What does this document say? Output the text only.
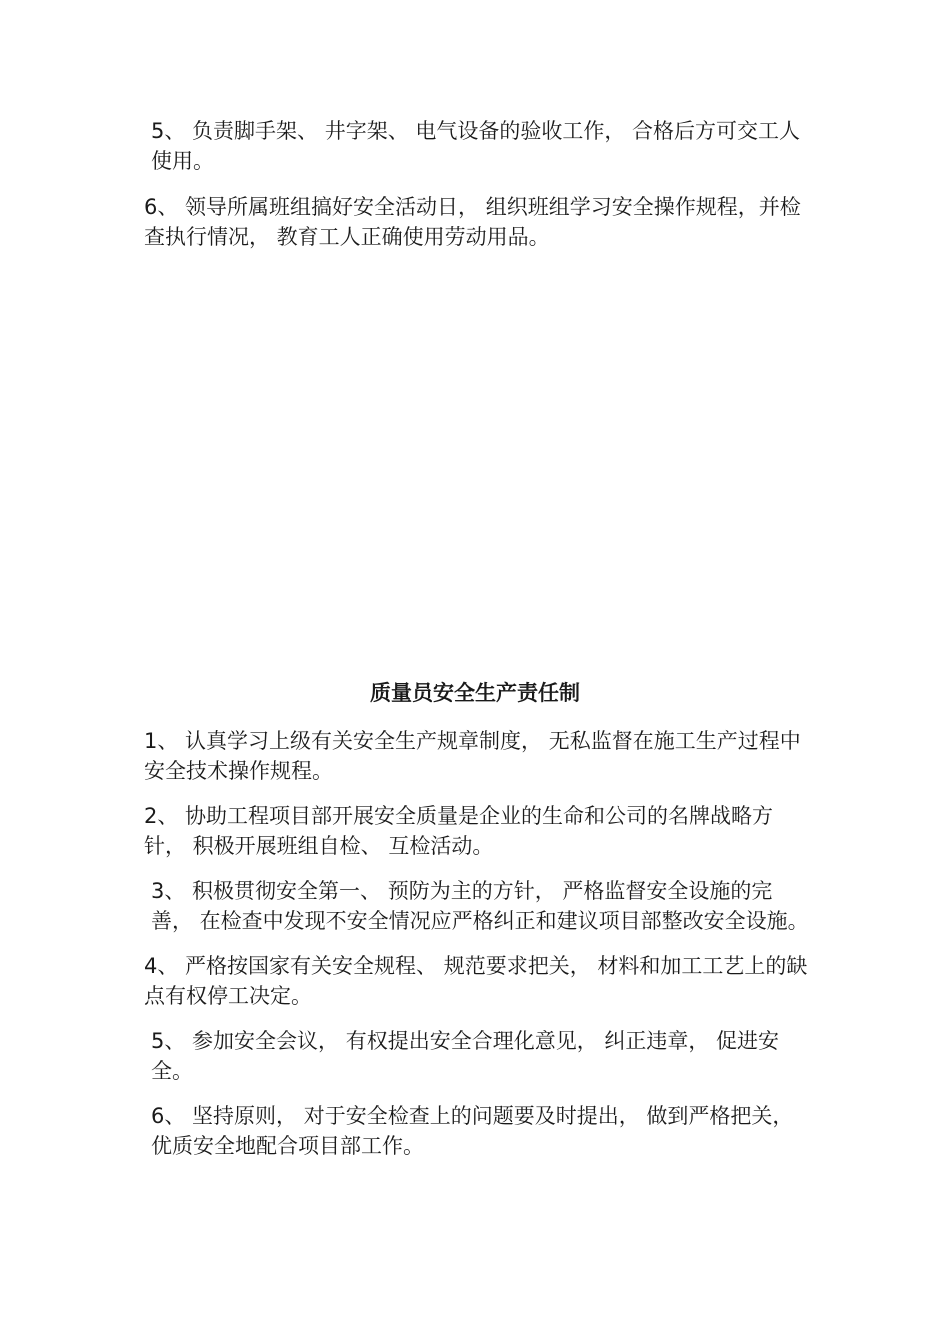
5、 负责脚手架、 井字架、 电气设备的验收工作， 合格后方可交工人使用。

6、 领导所属班组搞好安全活动日， 组织班组学习安全操作规程，并检查执行情况， 教育工人正确使用劳动用品。

质量员安全生产责任制

1、 认真学习上级有关安全生产规章制度， 无私监督在施工生产过程中安全技术操作规程。

2、 协助工程项目部开展安全质量是企业的生命和公司的名牌战略方针， 积极开展班组自检、 互检活动。

3、 积极贯彻安全第一、 预防为主的方针， 严格监督安全设施的完善， 在检查中发现不安全情况应严格纠正和建议项目部整改安全设施。

4、 严格按国家有关安全规程、 规范要求把关， 材料和加工工艺上的缺点有权停工决定。

5、 参加安全会议， 有权提出安全合理化意见， 纠正违章， 促进安全。

6、 坚持原则， 对于安全检查上的问题要及时提出， 做到严格把关， 优质安全地配合项目部工作。
